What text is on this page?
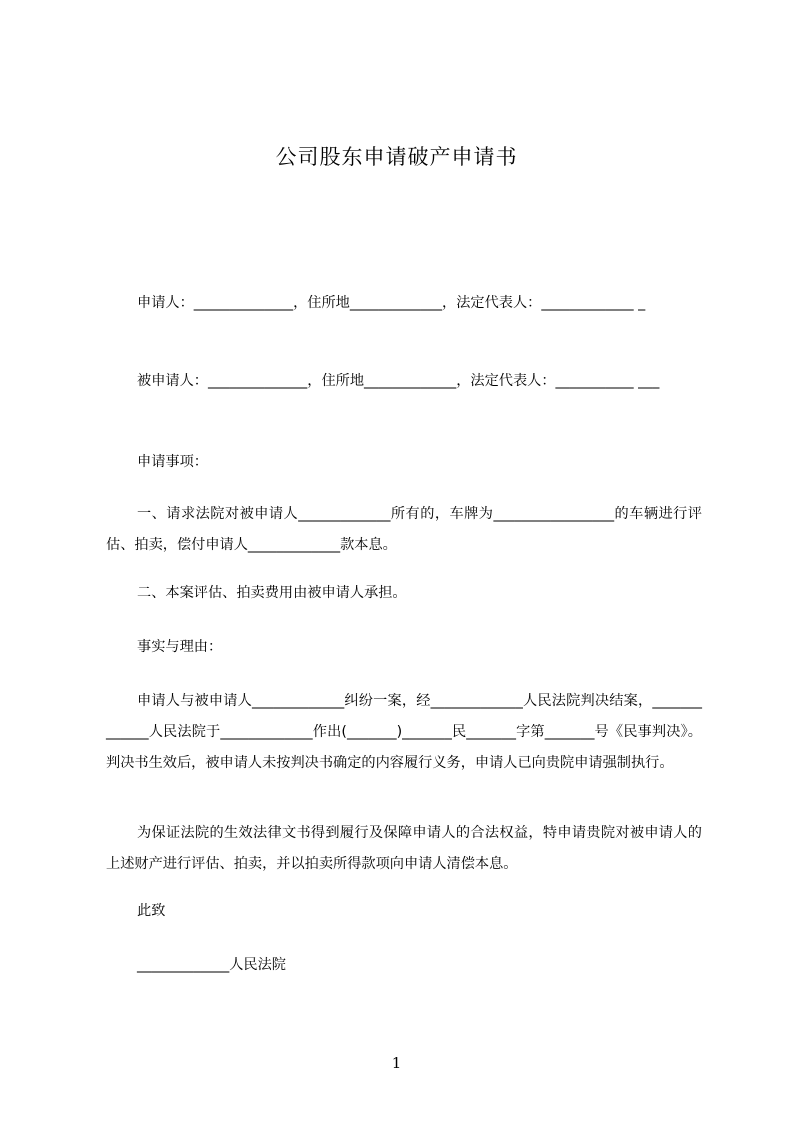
公司股东申请破产申请书
申请人：______________，住所地_____________，法定代表人：_____________ _
被申请人：______________，住所地_____________，法定代表人：___________ ___
申请事项：
一、请求法院对被申请人_____________所有的，车牌为_________________的车辆进行评估、拍卖，偿付申请人_____________款本息。
二、本案评估、拍卖费用由被申请人承担。
事实与理由：
申请人与被申请人_____________纠纷一案，经_____________人民法院判决结案，_____________人民法院于_____________作出(_______)_______民_______字第_______号《民事判决》。判决书生效后，被申请人未按判决书确定的内容履行义务，申请人已向贵院申请强制执行。
为保证法院的生效法律文书得到履行及保障申请人的合法权益，特申请贵院对被申请人的上述财产进行评估、拍卖，并以拍卖所得款项向申请人清偿本息。
此致
_____________人民法院
1
